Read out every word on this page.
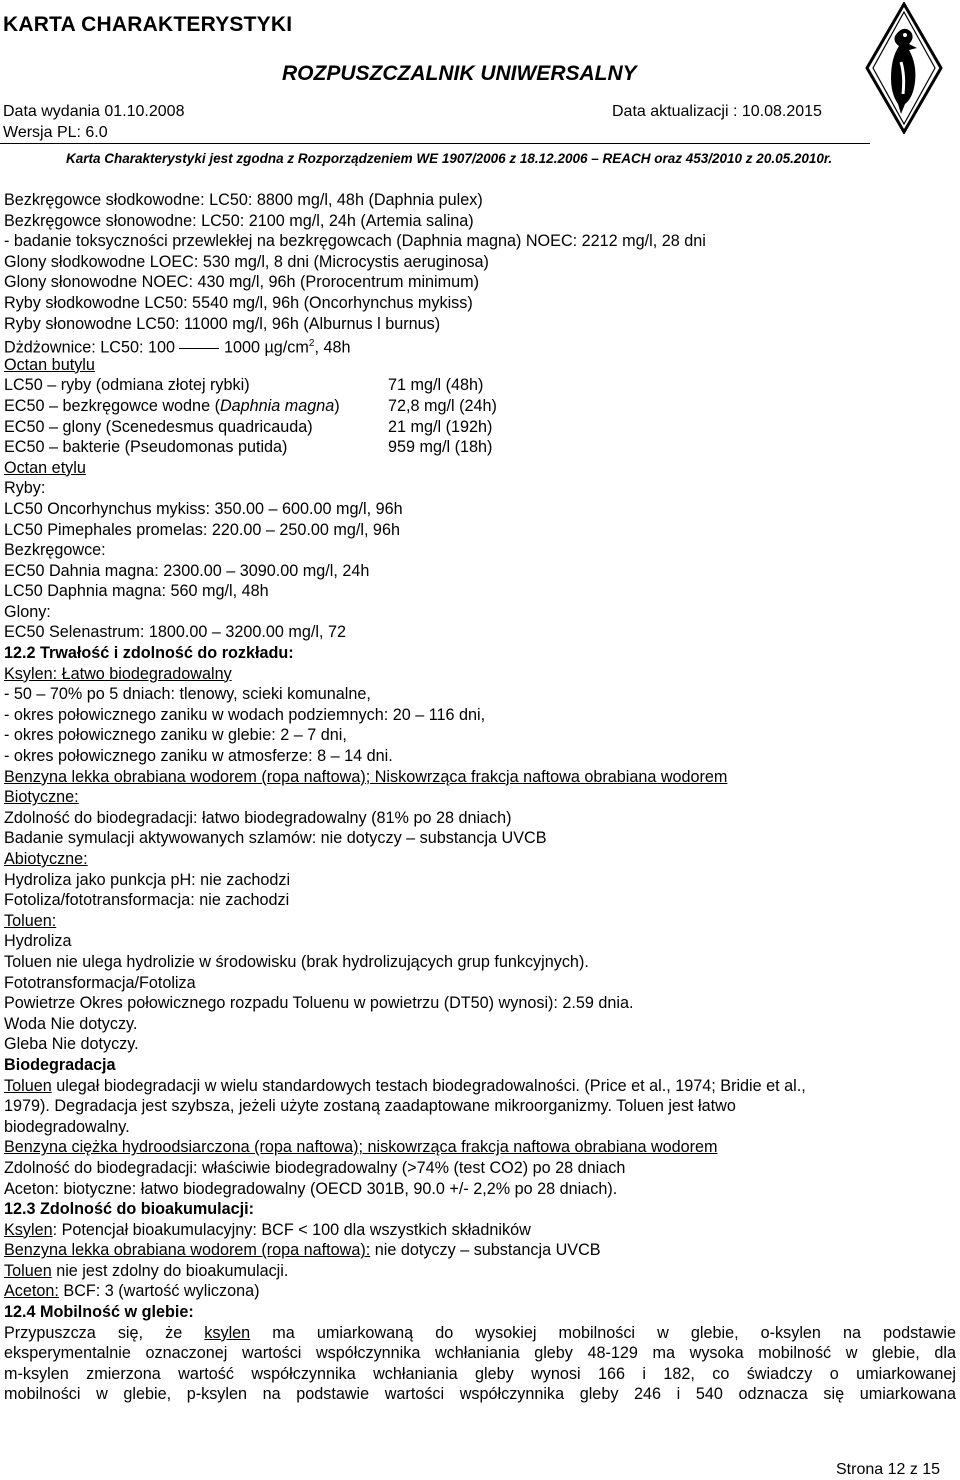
KARTA CHARAKTERYSTYKI
ROZPUSZCZALNIK UNIWERSALNY
Data wydania 01.10.2008	Data aktualizacji : 10.08.2015
Wersja PL: 6.0
Karta Charakterystyki jest zgodna z Rozporządzeniem WE 1907/2006 z 18.12.2006 – REACH oraz 453/2010 z 20.05.2010r.
Bezkręgowce słodkowodne: LC50: 8800 mg/l, 48h (Daphnia pulex)
Bezkręgowce słonowodne: LC50: 2100 mg/l, 24h (Artemia salina)
- badanie toksyczności przewlekłej na bezkręgowcach (Daphnia magna) NOEC: 2212 mg/l, 28 dni
Glony słodkowodne LOEC: 530 mg/l, 8 dni (Microcystis aeruginosa)
Glony słonowodne NOEC: 430 mg/l, 96h (Prorocentrum minimum)
Ryby słodkowodne LC50: 5540 mg/l, 96h (Oncorhynchus mykiss)
Ryby słonowodne LC50: 11000 mg/l, 96h (Alburnus l burnus)
Dżdżownice: LC50: 100  1000 $\mu g/cm^2$, 48h
Octan butylu
LC50 – ryby (odmiana złotej rybki)	71 mg/l (48h)
EC50 – bezkręgowce wodne (Daphnia magna)	72,8 mg/l (24h)
EC50 – glony (Scenedesmus quadricauda)	21 mg/l (192h)
EC50 – bakterie (Pseudomonas putida)	959 mg/l (18h)
Octan etylu
Ryby:
LC50 Oncorhynchus mykiss: 350.00 – 600.00 mg/l, 96h
LC50 Pimephales promelas: 220.00 – 250.00 mg/l, 96h
Bezkręgowce:
EC50 Dahnia magna: 2300.00 – 3090.00 mg/l, 24h
LC50 Daphnia magna: 560 mg/l, 48h
Glony:
EC50 Selenastrum: 1800.00 – 3200.00 mg/l, 72
12.2 Trwałość i zdolność do rozkładu:
Ksylen: Łatwo biodegradowalny
- 50 – 70% po 5 dniach: tlenowy, scieki komunalne,
- okres połowicznego zaniku w wodach podziemnych: 20 – 116 dni,
- okres połowicznego zaniku w glebie: 2 – 7 dni,
- okres połowicznego zaniku w atmosferze: 8 – 14 dni.
Benzyna lekka obrabiana wodorem (ropa naftowa); Niskowrząca frakcja naftowa obrabiana wodorem
Biotyczne:
Zdolność do biodegradacji: łatwo biodegradowalny (81% po 28 dniach)
Badanie symulacji aktywowanych szlamów: nie dotyczy – substancja UVCB
Abiotyczne:
Hydroliza jako punkcja pH: nie zachodzi
Fotoliza/fototransformacja: nie zachodzi
Toluen:
Hydroliza
Toluen nie ulega hydrolizie w środowisku (brak hydrolizujących grup funkcyjnych).
Fototransformacja/Fotoliza
Powietrze Okres połowicznego rozpadu Toluenu w powietrzu (DT50) wynosi): 2.59 dnia.
Woda Nie dotyczy.
Gleba Nie dotyczy.
Biodegradacja
Toluen ulegał biodegradacji w wielu standardowych testach biodegradowalności. (Price et al., 1974; Bridie et al.,
1979). Degradacja jest szybsza, jeżeli użyte zostaną zaadaptowane mikroorganizmy. Toluen jest łatwo
biodegradowalny.
Benzyna ciężka hydroodsiarczona (ropa naftowa); niskowrząca frakcja naftowa obrabiana wodorem
Zdolność do biodegradacji: właściwie biodegradowalny (>74% (test CO2) po 28 dniach
Aceton: biotyczne: łatwo biodegradowalny (OECD 301B, 90.0 +/- 2,2% po 28 dniach).
12.3 Zdolność do bioakumulacji:
Ksylen: Potencjał bioakumulacyjny: BCF < 100 dla wszystkich składników
Benzyna lekka obrabiana wodorem (ropa naftowa): nie dotyczy – substancja UVCB
Toluen nie jest zdolny do bioakumulacji.
Aceton: BCF: 3 (wartość wyliczona)
12.4 Mobilność w glebie:
Przypuszcza się, że ksylen ma umiarkowaną do wysokiej mobilności w glebie, o-ksylen na podstawie
eksperymentalnie oznaczonej wartości współczynnika wchłaniania gleby 48-129 ma wysoka mobilność w glebie, dla
m-ksylen zmierzona wartość współczynnika wchłaniania gleby wynosi 166 i 182, co świadczy o umiarkowanej
mobilności w glebie, p-ksylen na podstawie wartości współczynnika gleby 246 i 540 odznacza się umiarkowana
Strona 12 z 15
